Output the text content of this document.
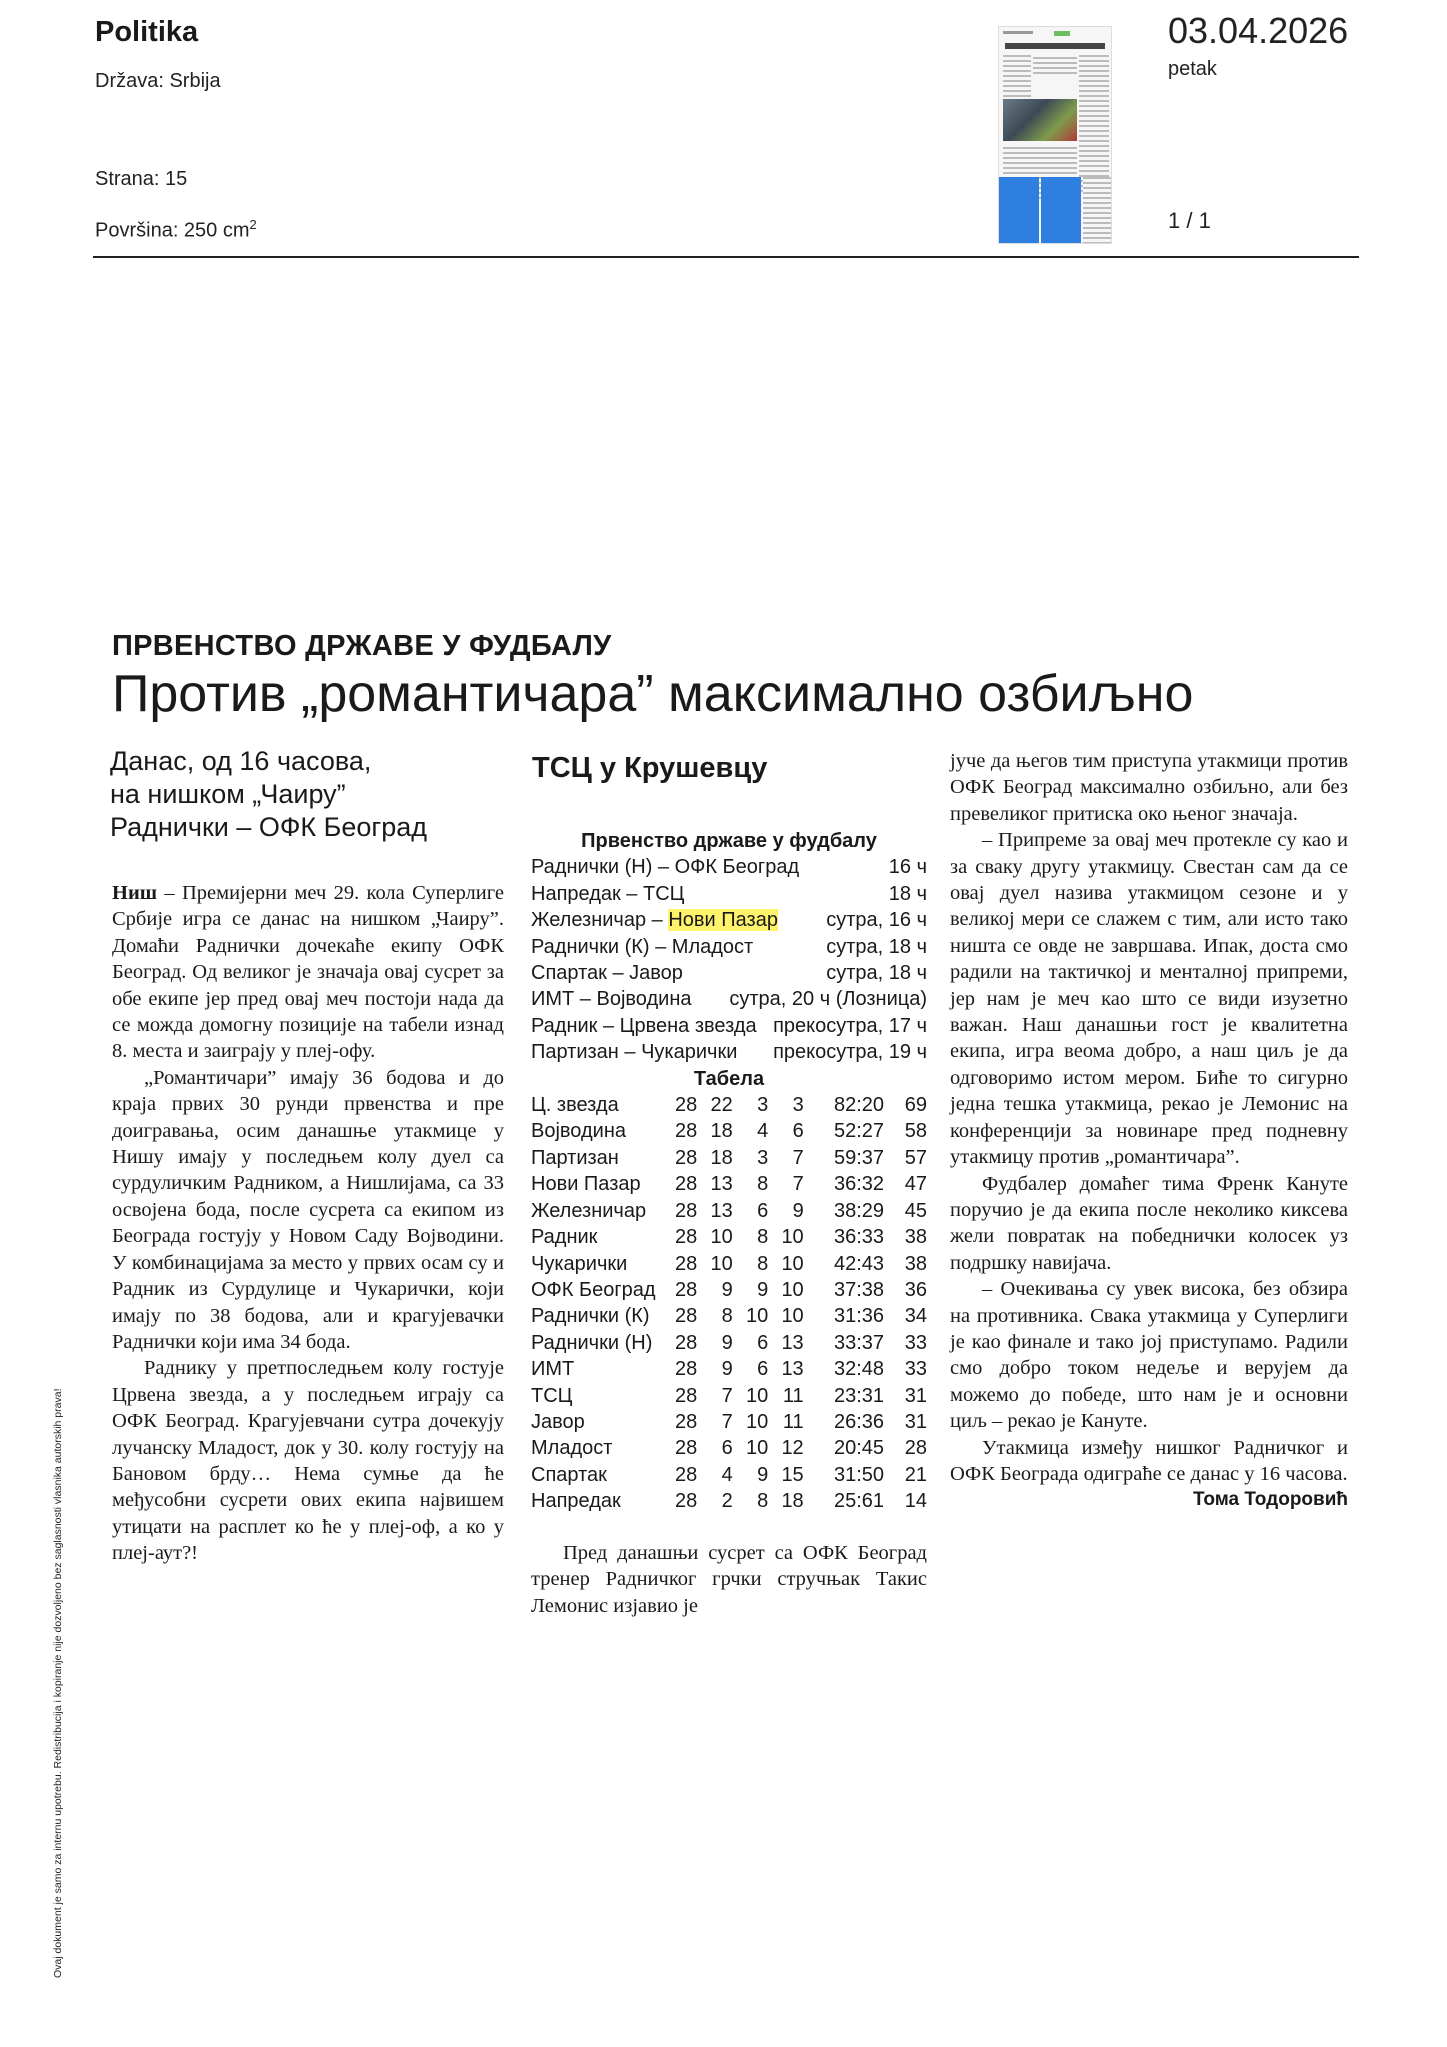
Politika
Država: Srbija
Strana: 15
Površina: 250 $cm^2$
03.04.2026
petak
1 / 1
ПРВЕНСТВО ДРЖАВЕ У ФУДБАЛУ
Против „романтичара” максимално озбиљно
Данас, од 16 часова,
на нишком „Чаиру”
Раднички – ОФК Београд

Ниш – Премијерни меч 29. кола Суперлиге Србије игра се данас на нишком „Чаиру”. Домаћи Раднички дочекаће екипу ОФК Београд. Од великог је значаја овај сусрет за обе екипе јер пред овај меч постоји нада да се можда домогну позиције на табели изнад 8. места и заиграју у плеј-офу.

„Романтичари” имају 36 бодова и до краја првих 30 рунди првенства и пре доигравања, осим данашње утакмице у Нишу имају у последњем колу дуел са сурдуличким Радником, а Нишлијама, са 33 освојена бода, после сусрета са екипом из Београда гостују у Новом Саду Војводини. У комбинацијама за место у првих осам су и Радник из Сурдулице и Чукарички, који имају по 38 бодова, али и крагујевачки Раднички који има 34 бода.

Раднику у претпоследњем колу гостује Црвена звезда, а у последњем играју са ОФК Београд. Крагујевчани сутра дочекују лучанску Младост, док у 30. колу гостују на Бановом брду… Нема сумње да ће међусобни сусрети ових екипа највишем утицати на расплет ко ће у плеј-оф, а ко у плеј-аут?!

ТСЦ у Крушевцу
Првенство државе у фудбалу
Раднички (Н) – ОФК Београд	16 ч
Напредак – ТСЦ	18 ч
Железничар – Нови Пазар сутра, 16 ч
Раднички (К) – Младост	сутра, 18 ч
Спартак – Јавор	сутра, 18 ч
ИМТ – Војводина сутра, 20 ч (Лозница)
Радник – Црвена звезда прекосутра, 17 ч
Партизан – Чукарички прекосутра, 19 ч
Табела
Ц. звезда	28 22	3	3	82:20	69
Војводина	28 18	4	6	52:27	58
Партизан	28 18	3	7	59:37	57
Нови Пазар	28 13	8	7	36:32	47
Железничар	28 13	6	9	38:29	45
Радник	28 10	8 10	36:33	38
Чукарички	28 10	8 10	42:43	38
ОФК Београд 28	9	9 10	37:38	36
Раднички (К)	28	8 10 10	31:36	34
Раднички (Н)	28	9	6 13	33:37	33
ИМТ	28	9	6 13	32:48	33
ТСЦ	28	7 10 11	23:31	31
Јавор	28	7 10 11	26:36	31
Младост	28	6 10 12	20:45	28
Спартак	28	4	9 15	31:50	21
Напредак	28	2	8 18	25:61	14

Пред данашњи сусрет са ОФК Београд тренер Радничког грчки стручњак Такис Лемонис изјавио је

јуче да његов тим приступа утакмици против ОФК Београд максимално озбиљно, али без превеликог притиска око њеног значаја.

– Припреме за овај меч протекле су као и за сваку другу утакмицу. Свестан сам да се овај дуел назива утакмицом сезоне и у великој мери се слажем с тим, али исто тако ништа се овде не завршава. Ипак, доста смо радили на тактичкој и менталној припреми, јер нам је меч као што се види изузетно важан. Наш данашњи гост је квалитетна екипа, игра веома добро, а наш циљ је да одговоримо истом мером. Биће то сигурно једна тешка утакмица, рекао је Лемонис на конференцији за новинаре пред подневну утакмицу против „романтичара”.

Фудбалер домаћег тима Френк Кануте поручио је да екипа после неколико киксева жели повратак на победнички колосек уз подршку навијача.

– Очекивања су увек висока, без обзира на противника. Свака утакмица у Суперлиги је као финале и тако јој приступамо. Радили смо добро током недеље и верујем да можемо до победе, што нам је и основни циљ – рекао је Кануте.

Утакмица између нишког Радничког и ОФК Београда одиграће се данас у 16 часова.
Тома Тодоровић

Ovaj dokument je samo za internu upotrebu. Redistribucija i kopiranje nije dozvoljeno bez saglasnosti vlasnika autorskih prava!
